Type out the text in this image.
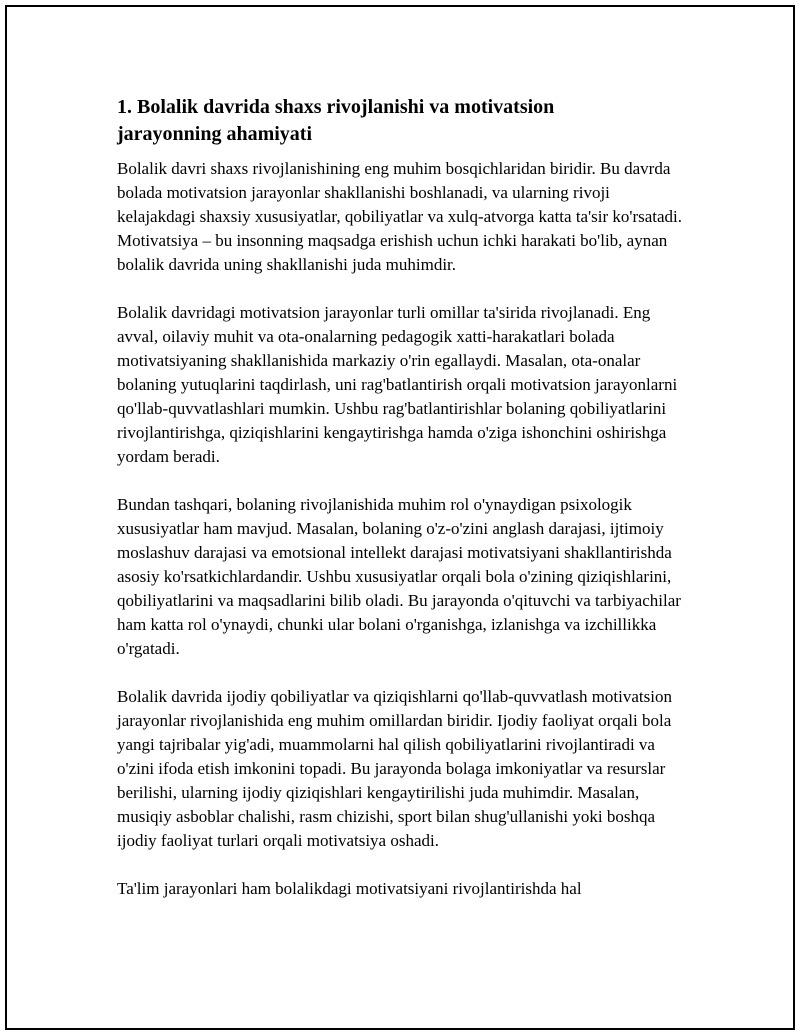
1. Bolalik davrida shaxs rivojlanishi va motivatsion jarayonning ahamiyati

Bolalik davri shaxs rivojlanishining eng muhim bosqichlaridan biridir. Bu davrda bolada motivatsion jarayonlar shakllanishi boshlanadi, va ularning rivoji kelajakdagi shaxsiy xususiyatlar, qobiliyatlar va xulq-atvorga katta ta'sir ko'rsatadi. Motivatsiya – bu insonning maqsadga erishish uchun ichki harakati bo'lib, aynan bolalik davrida uning shakllanishi juda muhimdir.

Bolalik davridagi motivatsion jarayonlar turli omillar ta'sirida rivojlanadi. Eng avval, oilaviy muhit va ota-onalarning pedagogik xatti-harakatlari bolada motivatsiyaning shakllanishida markaziy o'rin egallaydi. Masalan, ota-onalar bolaning yutuqlarini taqdirlash, uni rag'batlantirish orqali motivatsion jarayonlarni qo'llab-quvvatlashlari mumkin. Ushbu rag'batlantirishlar bolaning qobiliyatlarini rivojlantirishga, qiziqishlarini kengaytirishga hamda o'ziga ishonchini oshirishga yordam beradi.

Bundan tashqari, bolaning rivojlanishida muhim rol o'ynaydigan psixologik xususiyatlar ham mavjud. Masalan, bolaning o'z-o'zini anglash darajasi, ijtimoiy moslashuv darajasi va emotsional intellekt darajasi motivatsiyani shakllantirishda asosiy ko'rsatkichlardandir. Ushbu xususiyatlar orqali bola o'zining qiziqishlarini, qobiliyatlarini va maqsadlarini bilib oladi. Bu jarayonda o'qituvchi va tarbiyachilar ham katta rol o'ynaydi, chunki ular bolani o'rganishga, izlanishga va izchillikka o'rgatadi.

Bolalik davrida ijodiy qobiliyatlar va qiziqishlarni qo'llab-quvvatlash motivatsion jarayonlar rivojlanishida eng muhim omillardan biridir. Ijodiy faoliyat orqali bola yangi tajribalar yig'adi, muammolarni hal qilish qobiliyatlarini rivojlantiradi va o'zini ifoda etish imkonini topadi. Bu jarayonda bolaga imkoniyatlar va resurslar berilishi, ularning ijodiy qiziqishlari kengaytirilishi juda muhimdir. Masalan, musiqiy asboblar chalishi, rasm chizishi, sport bilan shug'ullanishi yoki boshqa ijodiy faoliyat turlari orqali motivatsiya oshadi.

Ta'lim jarayonlari ham bolalikdagi motivatsiyani rivojlantirishda hal
